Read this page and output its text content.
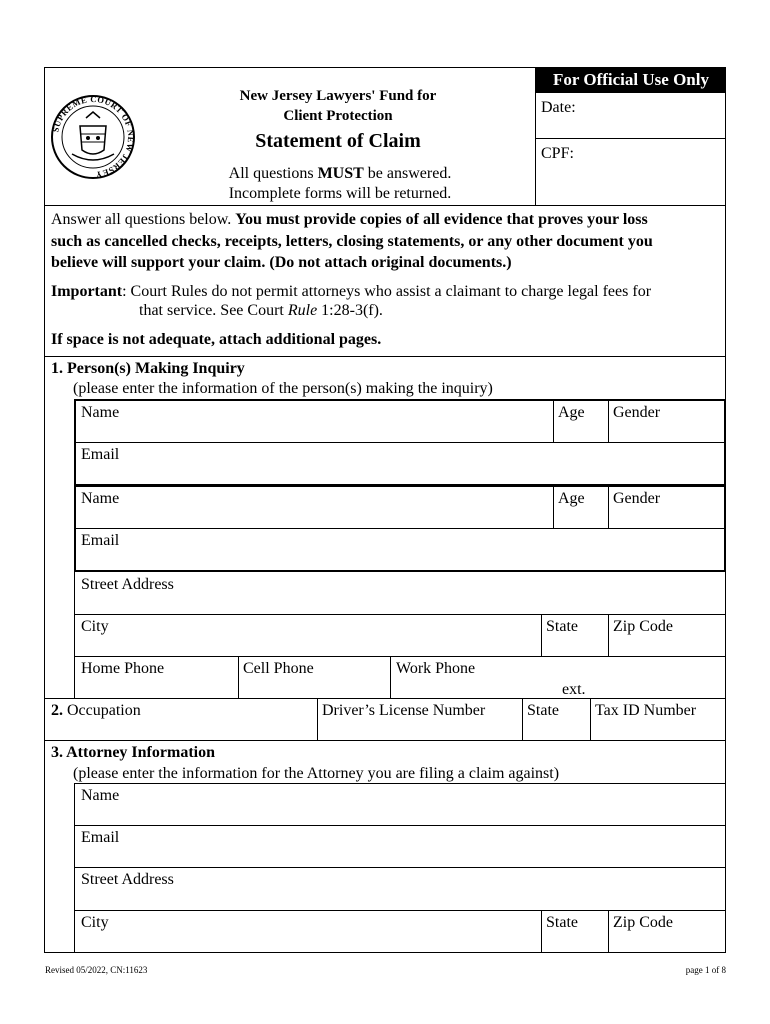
SUPREME COURT OF NEW JERSEY
New Jersey Lawyers' Fund for
Client Protection
Statement of Claim
All questions MUST be answered.
Incomplete forms will be returned.
For Official Use Only
Date:
CPF:
Answer all questions below. You must provide copies of all evidence that proves your loss
such as cancelled checks, receipts, letters, closing statements, or any other document you
believe will support your claim. (Do not attach original documents.)
Important: Court Rules do not permit attorneys who assist a claimant to charge legal fees for
that service. See Court Rule 1:28-3(f).
If space is not adequate, attach additional pages.
1. Person(s) Making Inquiry
(please enter the information of the person(s) making the inquiry)
Name	Age Gender
Email
Name	Age Gender
Email
Street Address
City	State Zip Code
Home Phone	Cell Phone	Work Phone
ext.
2. Occupation	Driver’s License Number	State Tax ID Number
3. Attorney Information
(please enter the information for the Attorney you are filing a claim against)
Name
Email
Street Address
City	State Zip Code
Revised 05/2022, CN:11623	page 1 of 8
